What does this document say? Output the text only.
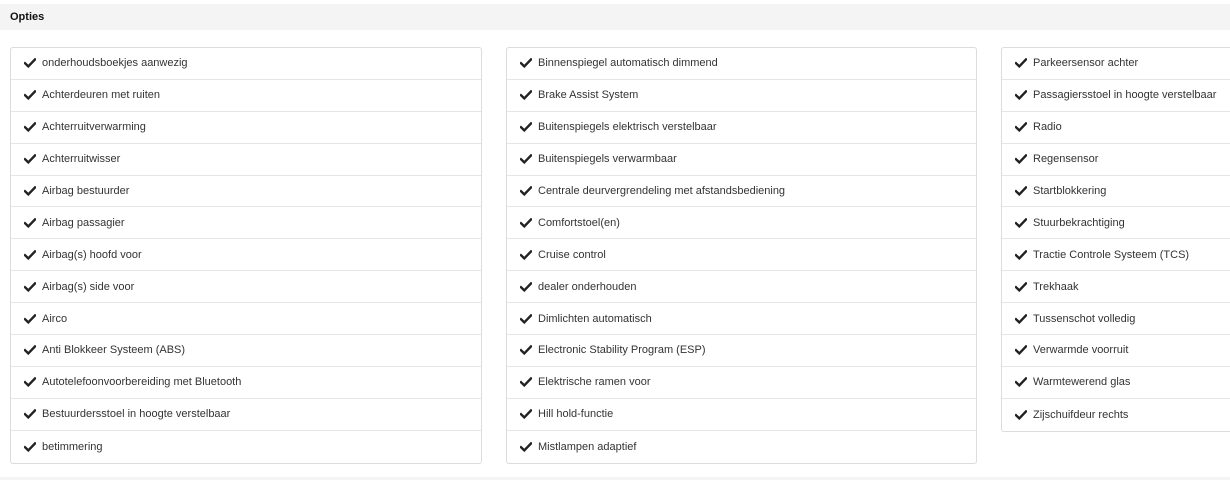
Opties
onderhoudsboekjes aanwezig
Achterdeuren met ruiten
Achterruitverwarming
Achterruitwisser
Airbag bestuurder
Airbag passagier
Airbag(s) hoofd voor
Airbag(s) side voor
Airco
Anti Blokkeer Systeem (ABS)
Autotelefoonvoorbereiding met Bluetooth
Bestuurdersstoel in hoogte verstelbaar
betimmering
Binnenspiegel automatisch dimmend
Brake Assist System
Buitenspiegels elektrisch verstelbaar
Buitenspiegels verwarmbaar
Centrale deurvergrendeling met afstandsbediening
Comfortstoel(en)
Cruise control
dealer onderhouden
Dimlichten automatisch
Electronic Stability Program (ESP)
Elektrische ramen voor
Hill hold-functie
Mistlampen adaptief
Parkeersensor achter
Passagiersstoel in hoogte verstelbaar
Radio
Regensensor
Startblokkering
Stuurbekrachtiging
Tractie Controle Systeem (TCS)
Trekhaak
Tussenschot volledig
Verwarmde voorruit
Warmtewerend glas
Zijschuifdeur rechts
